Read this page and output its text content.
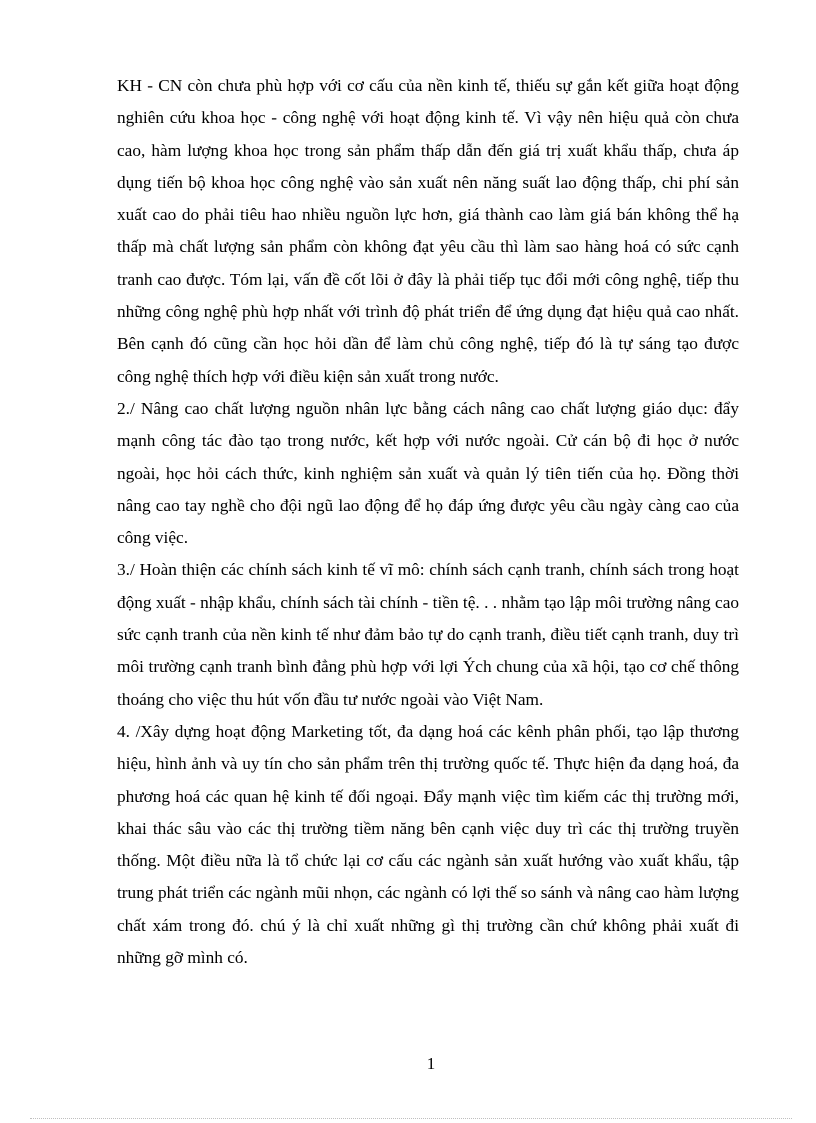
KH - CN còn chưa phù hợp với cơ cấu của nền kinh tế, thiếu sự gắn kết giữa hoạt động nghiên cứu khoa học - công nghệ với hoạt động kinh tế. Vì vậy nên hiệu quả còn chưa cao, hàm lượng khoa học trong sản phẩm thấp dẫn đến giá trị xuất khẩu thấp, chưa áp dụng tiến bộ khoa học công nghệ vào sản xuất nên năng suất lao động thấp, chi phí sản xuất cao do phải tiêu hao nhiều nguồn lực hơn, giá thành cao làm giá bán không thể hạ thấp mà chất lượng sản phẩm còn không đạt yêu cầu thì làm sao hàng hoá có sức cạnh tranh cao được. Tóm lại, vấn đề cốt lõi ở đây là phải tiếp tục đổi mới công nghệ, tiếp thu những công nghệ phù hợp nhất với trình độ phát triển để ứng dụng đạt hiệu quả cao nhất. Bên cạnh đó cũng cần học hỏi dần để làm chủ công nghệ, tiếp đó là tự sáng tạo được công nghệ thích hợp với điều kiện sản xuất trong nước.

2./ Nâng cao chất lượng nguồn nhân lực bằng cách nâng cao chất lượng giáo dục: đẩy mạnh công tác đào tạo trong nước, kết hợp với nước ngoài. Cử cán bộ đi học ở nước ngoài, học hỏi cách thức, kinh nghiệm sản xuất và quản lý tiên tiến của họ. Đồng thời nâng cao tay nghề cho đội ngũ lao động để họ đáp ứng được yêu cầu ngày càng cao của công việc.

3./ Hoàn thiện các chính sách kinh tế vĩ mô: chính sách cạnh tranh, chính sách trong hoạt động xuất - nhập khẩu, chính sách tài chính - tiền tệ. . . nhằm tạo lập môi trường nâng cao sức cạnh tranh của nền kinh tế như đảm bảo tự do cạnh tranh, điều tiết cạnh tranh, duy trì môi trường cạnh tranh bình đẳng phù hợp với lợi Ých chung của xã hội, tạo cơ chế thông thoáng cho việc thu hút vốn đầu tư nước ngoài vào Việt Nam.

4. /Xây dựng hoạt động Marketing tốt, đa dạng hoá các kênh phân phối, tạo lập thương hiệu, hình ảnh và uy tín cho sản phẩm trên thị trường quốc tế. Thực hiện đa dạng hoá, đa phương hoá các quan hệ kinh tế đối ngoại. Đẩy mạnh việc tìm kiếm các thị trường mới, khai thác sâu vào các thị trường tiềm năng bên cạnh việc duy trì các thị trường truyền thống. Một điều nữa là tổ chức lại cơ cấu các ngành sản xuất hướng vào xuất khẩu, tập trung phát triển các ngành mũi nhọn, các ngành có lợi thế so sánh và nâng cao hàm lượng chất xám trong đó. chú ý là chỉ xuất những gì thị trường cần chứ không phải xuất đi những gỡ mình có.

1
